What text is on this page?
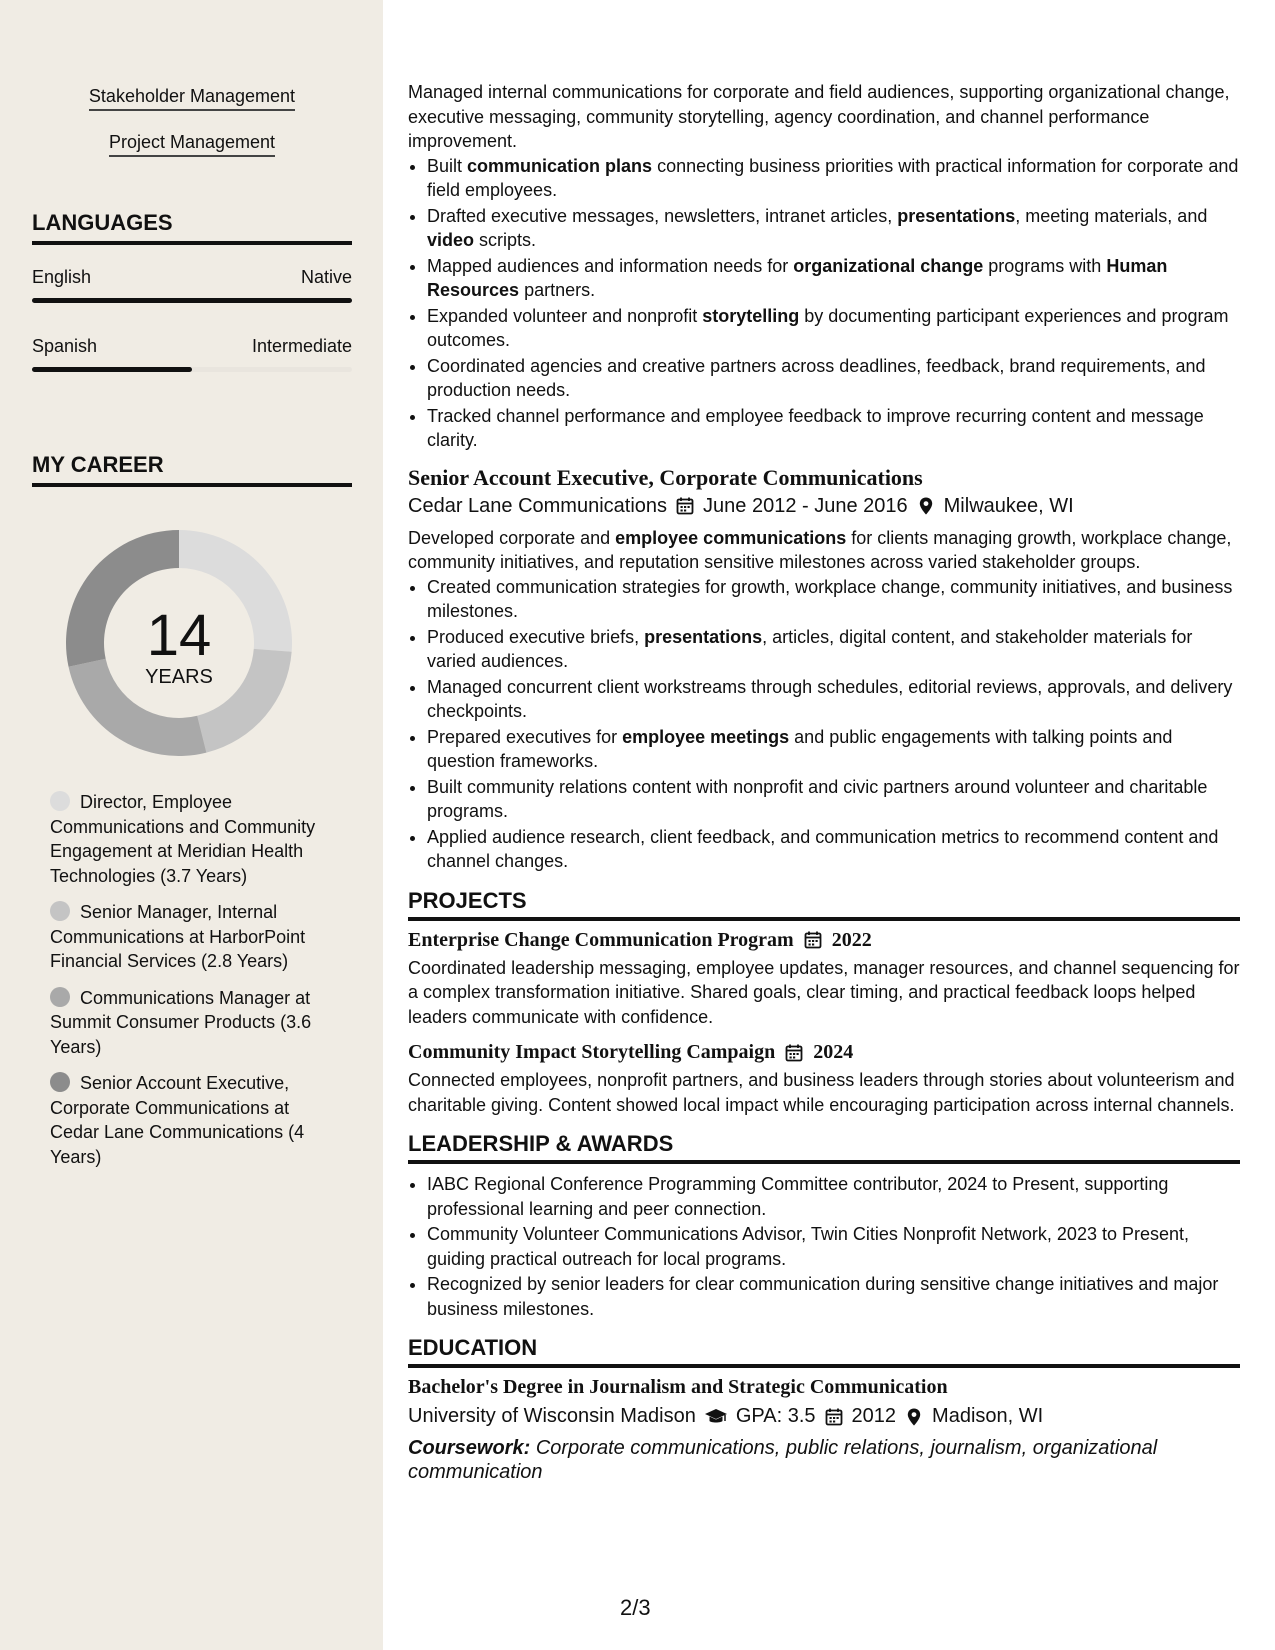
Stakeholder Management
Project Management
LANGUAGES
English	Native
Spanish	Intermediate
MY CAREER
14
YEARS
Director, Employee Communications and Community Engagement at Meridian Health Technologies (3.7 Years)
Senior Manager, Internal Communications at HarborPoint Financial Services (2.8 Years)
Communications Manager at Summit Consumer Products (3.6 Years)
Senior Account Executive, Corporate Communications at Cedar Lane Communications (4 Years)

Managed internal communications for corporate and field audiences, supporting organizational change, executive messaging, community storytelling, agency coordination, and channel performance improvement.

• Built communication plans connecting business priorities with practical information for corporate and field employees.
• Drafted executive messages, newsletters, intranet articles, presentations, meeting materials, and video scripts.
• Mapped audiences and information needs for organizational change programs with Human Resources partners.
• Expanded volunteer and nonprofit storytelling by documenting participant experiences and program outcomes.
• Coordinated agencies and creative partners across deadlines, feedback, brand requirements, and production needs.
• Tracked channel performance and employee feedback to improve recurring content and message clarity.
Senior Account Executive, Corporate Communications
Cedar Lane Communications June 2012 - June 2016 Milwaukee, WI

Developed corporate and employee communications for clients managing growth, workplace change, community initiatives, and reputation sensitive milestones across varied stakeholder groups.

• Created communication strategies for growth, workplace change, community initiatives, and business milestones.
• Produced executive briefs, presentations, articles, digital content, and stakeholder materials for varied audiences.
• Managed concurrent client workstreams through schedules, editorial reviews, approvals, and delivery checkpoints.
• Prepared executives for employee meetings and public engagements with talking points and question frameworks.
• Built community relations content with nonprofit and civic partners around volunteer and charitable programs.
• Applied audience research, client feedback, and communication metrics to recommend content and channel changes.
PROJECTS
Enterprise Change Communication Program 2022

Coordinated leadership messaging, employee updates, manager resources, and channel sequencing for a complex transformation initiative. Shared goals, clear timing, and practical feedback loops helped leaders communicate with confidence.

Community Impact Storytelling Campaign 2024

Connected employees, nonprofit partners, and business leaders through stories about volunteerism and charitable giving. Content showed local impact while encouraging participation across internal channels.

LEADERSHIP & AWARDS
• IABC Regional Conference Programming Committee contributor, 2024 to Present, supporting professional learning and peer connection.
• Community Volunteer Communications Advisor, Twin Cities Nonprofit Network, 2023 to Present, guiding practical outreach for local programs.
• Recognized by senior leaders for clear communication during sensitive change initiatives and major business milestones.
EDUCATION
Bachelor's Degree in Journalism and Strategic Communication
University of Wisconsin Madison GPA: 3.5 2012 Madison, WI
Coursework: Corporate communications, public relations, journalism, organizational communication
2/3
